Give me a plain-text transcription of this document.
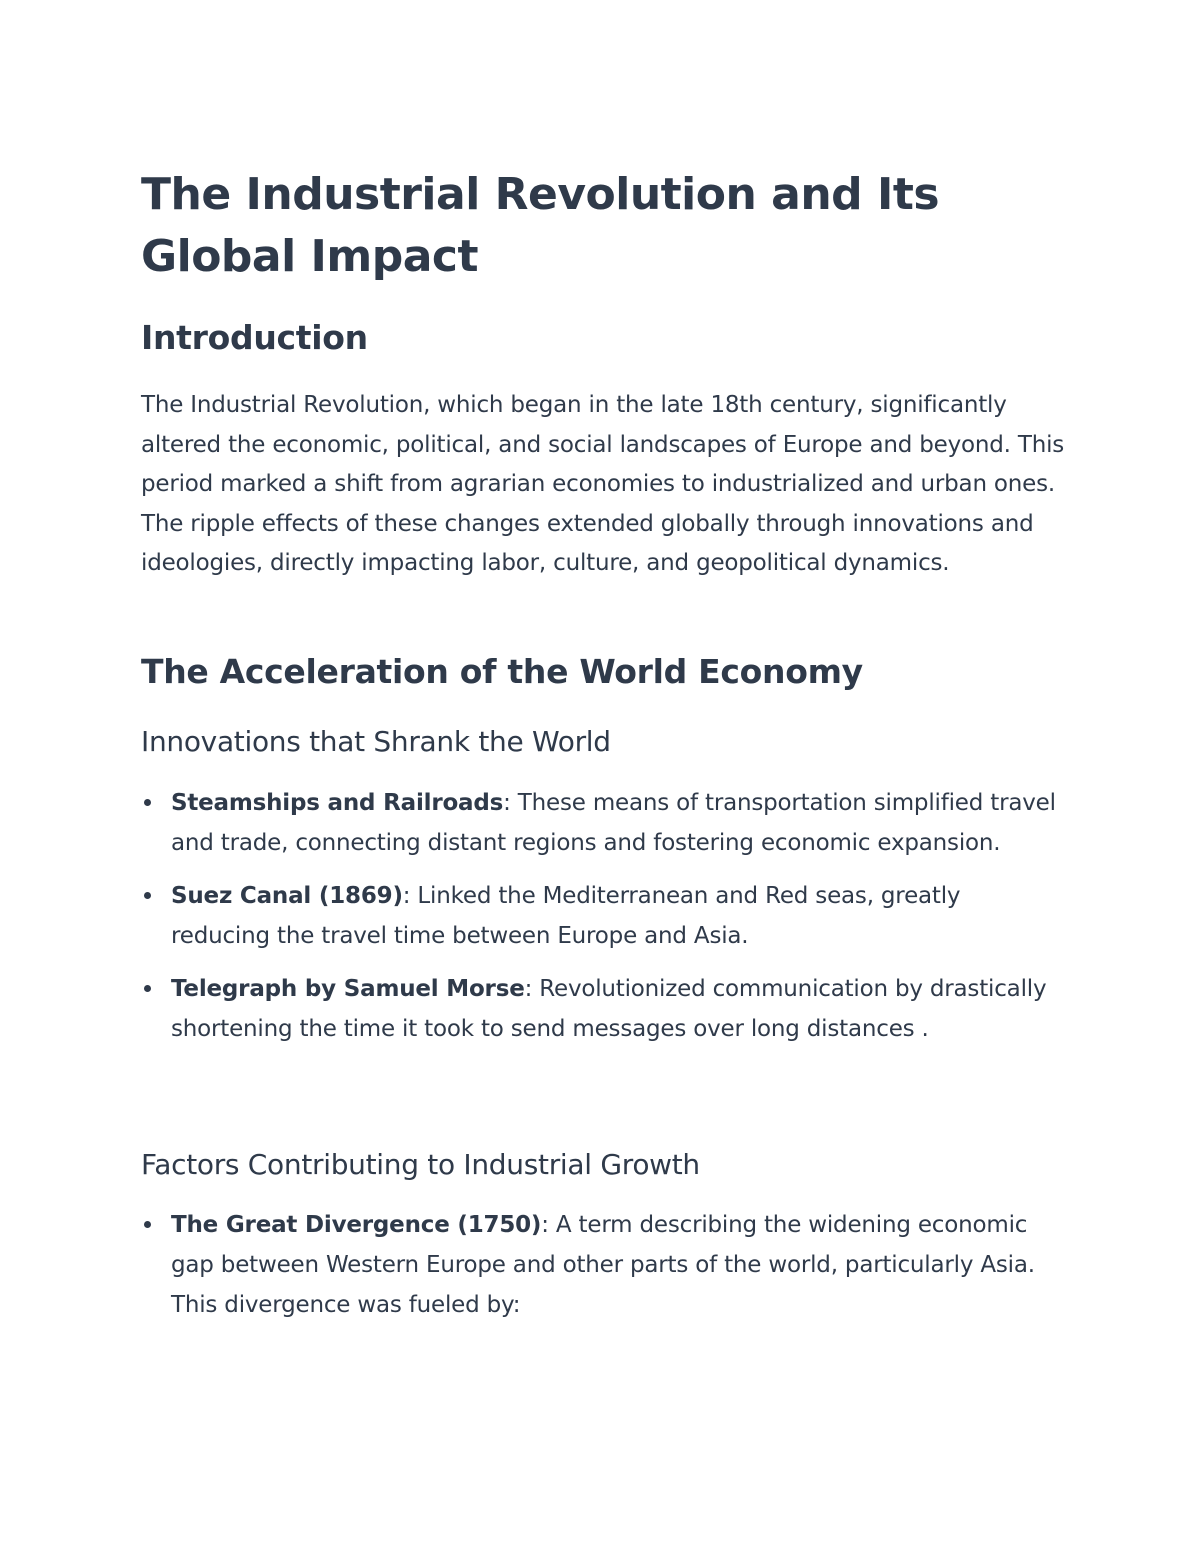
The Industrial Revolution and Its Global Impact
Introduction

The Industrial Revolution, which began in the late 18th century, significantly altered the economic, political, and social landscapes of Europe and beyond. This period marked a shift from agrarian economies to industrialized and urban ones. The ripple effects of these changes extended globally through innovations and ideologies, directly impacting labor, culture, and geopolitical dynamics.

The Acceleration of the World Economy
Innovations that Shrank the World
Steamships and Railroads: These means of transportation simplified travel and trade, connecting distant regions and fostering economic expansion.
Suez Canal (1869): Linked the Mediterranean and Red seas, greatly reducing the travel time between Europe and Asia.
Telegraph by Samuel Morse: Revolutionized communication by drastically shortening the time it took to send messages over long distances .
Factors Contributing to Industrial Growth
The Great Divergence (1750): A term describing the widening economic gap between Western Europe and other parts of the world, particularly Asia. This divergence was fueled by:
